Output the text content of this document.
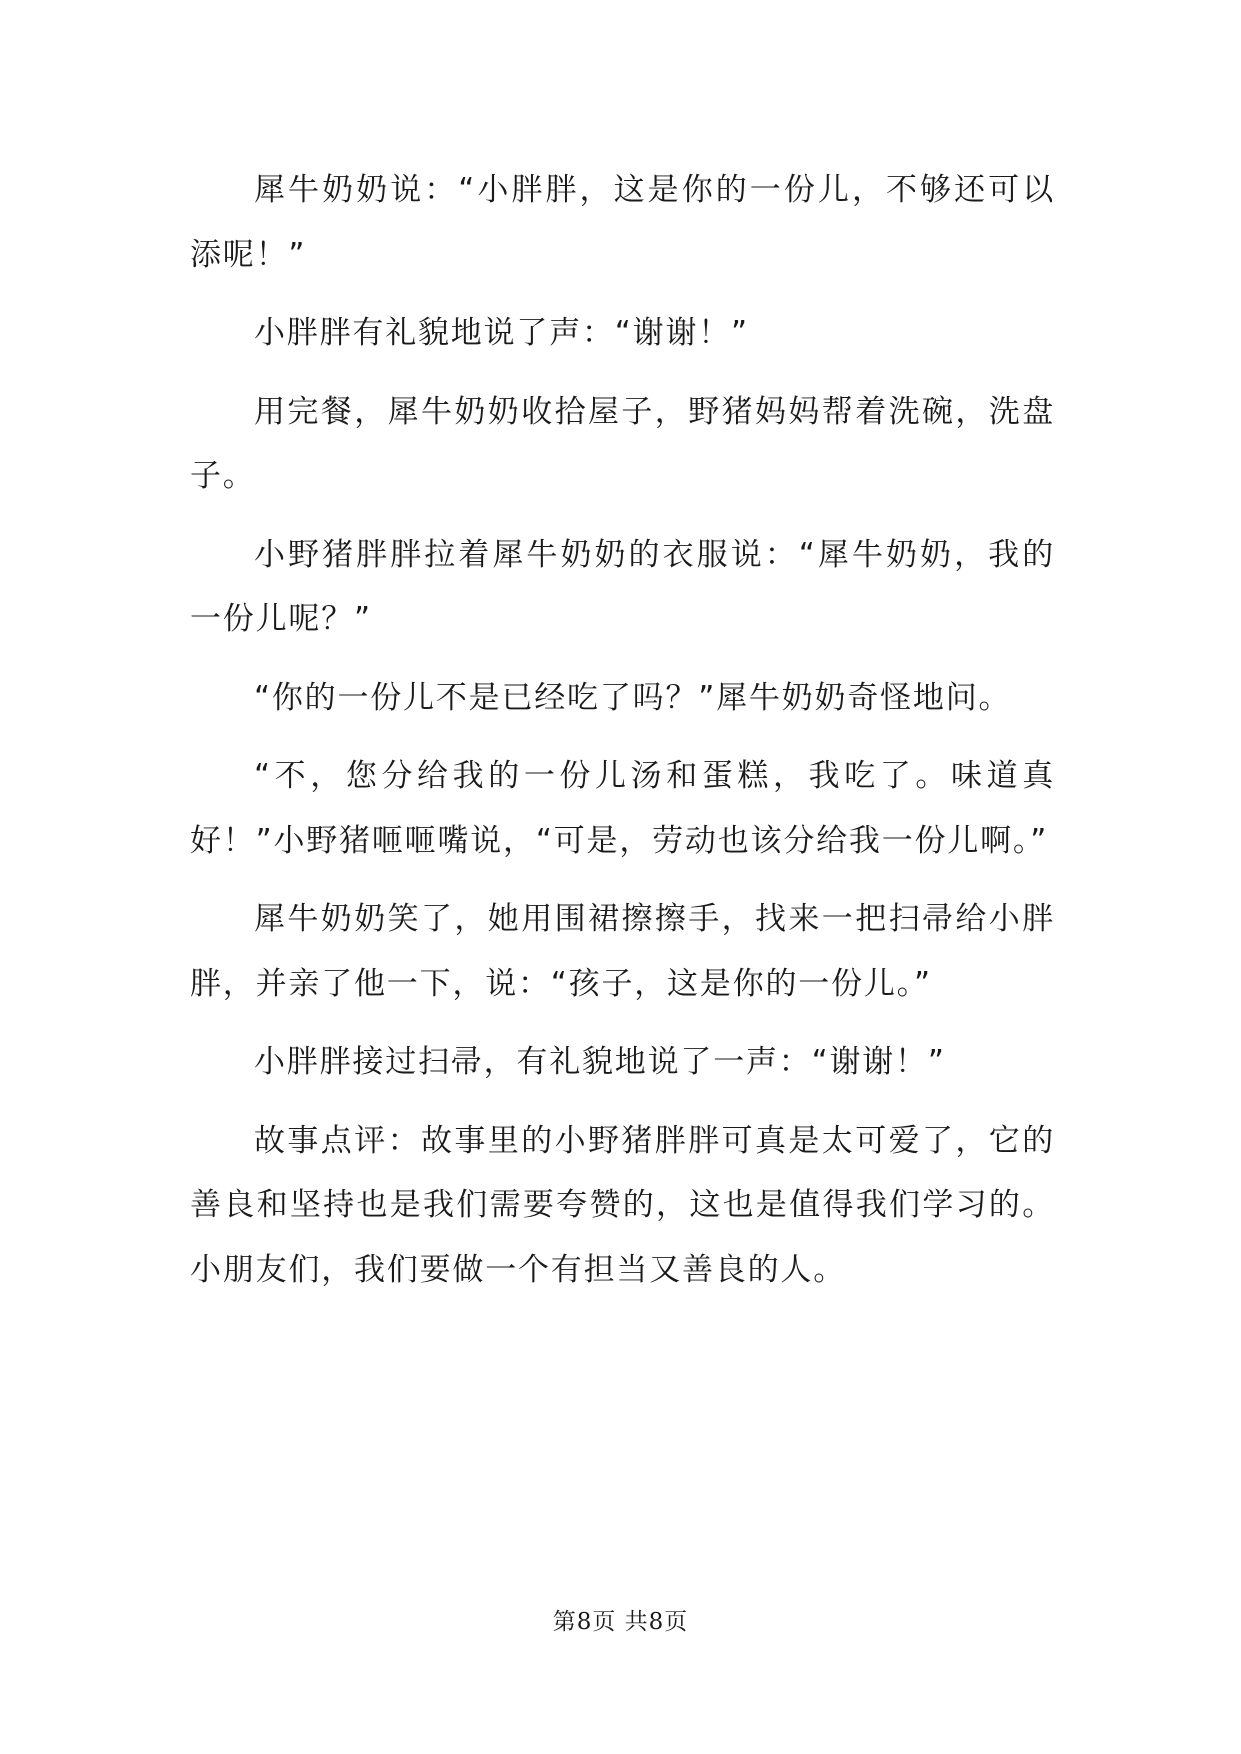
犀牛奶奶说：“小胖胖，这是你的一份儿，不够还可以添呢！”

小胖胖有礼貌地说了声：“谢谢！”

用完餐，犀牛奶奶收拾屋子，野猪妈妈帮着洗碗，洗盘子。

小野猪胖胖拉着犀牛奶奶的衣服说：“犀牛奶奶，我的一份儿呢？”

“你的一份儿不是已经吃了吗？”犀牛奶奶奇怪地问。

“不，您分给我的一份儿汤和蛋糕，我吃了。味道真好！”小野猪咂咂嘴说，“可是，劳动也该分给我一份儿啊。”

犀牛奶奶笑了，她用围裙擦擦手，找来一把扫帚给小胖胖，并亲了他一下，说：“孩子，这是你的一份儿。”

小胖胖接过扫帚，有礼貌地说了一声：“谢谢！”

故事点评：故事里的小野猪胖胖可真是太可爱了，它的善良和坚持也是我们需要夸赞的，这也是值得我们学习的。小朋友们，我们要做一个有担当又善良的人。

第8页 共8页
